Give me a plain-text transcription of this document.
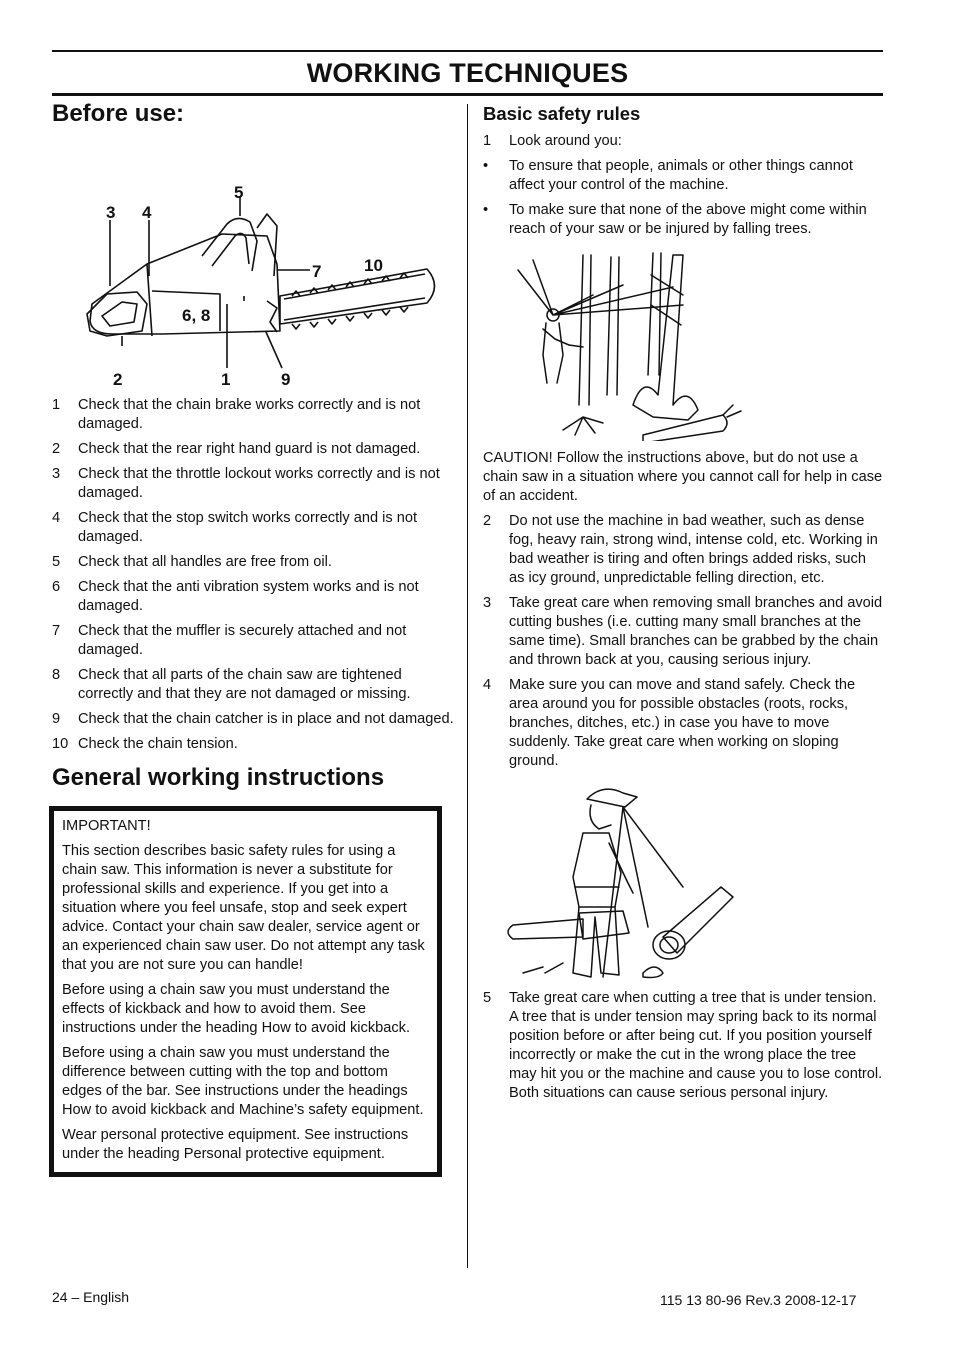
WORKING TECHNIQUES
Before use:
3 4
5
7	10
6, 8
2	1	9
1 Check that the chain brake works correctly and is not damaged.
2 Check that the rear right hand guard is not damaged.
3 Check that the throttle lockout works correctly and is not damaged.
4 Check that the stop switch works correctly and is not damaged.
5 Check that all handles are free from oil.
6 Check that the anti vibration system works and is not damaged.
7 Check that the muffler is securely attached and not damaged.
8 Check that all parts of the chain saw are tightened correctly and that they are not damaged or missing.
9 Check that the chain catcher is in place and not damaged.
10 Check the chain tension.
General working instructions

IMPORTANT!

This section describes basic safety rules for using a chain saw. This information is never a substitute for professional skills and experience. If you get into a situation where you feel unsafe, stop and seek expert advice. Contact your chain saw dealer, service agent or an experienced chain saw user. Do not attempt any task that you are not sure you can handle!

Before using a chain saw you must understand the effects of kickback and how to avoid them. See instructions under the heading How to avoid kickback.

Before using a chain saw you must understand the difference between cutting with the top and bottom edges of the bar. See instructions under the headings How to avoid kickback and Machine’s safety equipment.

Wear personal protective equipment. See instructions under the heading Personal protective equipment.

Basic safety rules
1 Look around you:
• To ensure that people, animals or other things cannot affect your control of the machine.
• To make sure that none of the above might come within reach of your saw or be injured by falling trees.

CAUTION! Follow the instructions above, but do not use a chain saw in a situation where you cannot call for help in case of an accident.

2 Do not use the machine in bad weather, such as dense fog, heavy rain, strong wind, intense cold, etc. Working in bad weather is tiring and often brings added risks, such as icy ground, unpredictable felling direction, etc.
3 Take great care when removing small branches and avoid cutting bushes (i.e. cutting many small branches at the same time). Small branches can be grabbed by the chain and thrown back at you, causing serious injury.
4 Make sure you can move and stand safely. Check the area around you for possible obstacles (roots, rocks, branches, ditches, etc.) in case you have to move suddenly. Take great care when working on sloping ground.
5 Take great care when cutting a tree that is under tension. A tree that is under tension may spring back to its normal position before or after being cut. If you position yourself incorrectly or make the cut in the wrong place the tree may hit you or the machine and cause you to lose control. Both situations can cause serious personal injury.
24 – English	115 13 80-96 Rev.3 2008-12-17
